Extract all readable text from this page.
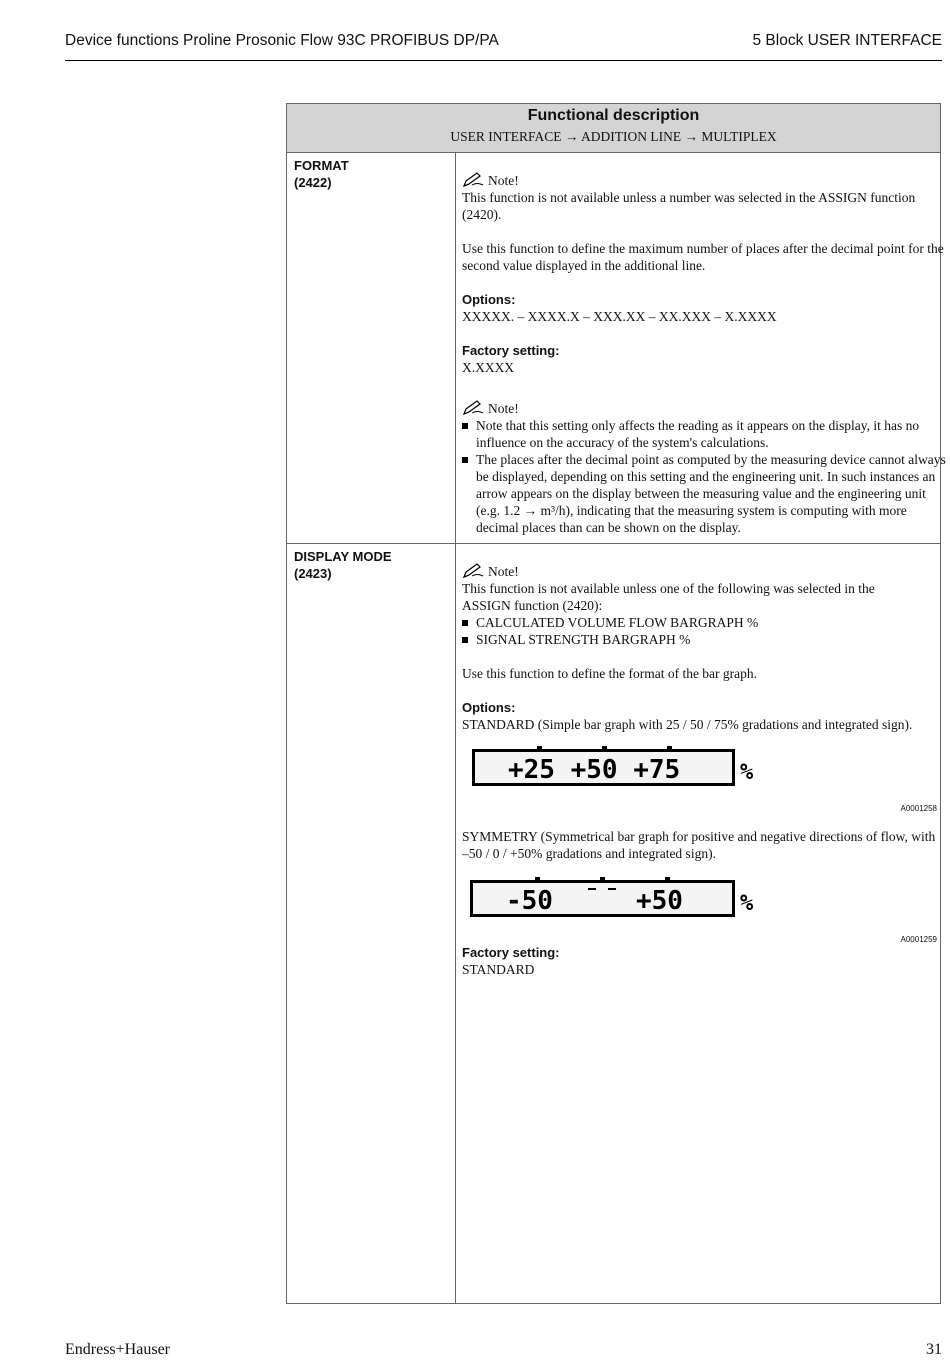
Device functions Proline Prosonic Flow 93C PROFIBUS DP/PA	5 Block USER INTERFACE
Functional description
USER INTERFACE → ADDITION LINE → MULTIPLEX
FORMAT
(2422)	Note!
This function is not available unless a number was selected in the ASSIGN function
(2420).
Use this function to define the maximum number of places after the decimal point for the
second value displayed in the additional line.
Options:
XXXXX. – XXXX.X – XXX.XX – XX.XXX – X.XXXX
Factory setting:
X.XXXX
Note!
Note that this setting only affects the reading as it appears on the display, it has no
influence on the accuracy of the system's calculations.
The places after the decimal point as computed by the measuring device cannot always
be displayed, depending on this setting and the engineering unit. In such instances an
arrow appears on the display between the measuring value and the engineering unit
(e.g. 1.2 → m³/h), indicating that the measuring system is computing with more
decimal places than can be shown on the display.
DISPLAY MODE
(2423)	Note!
This function is not available unless one of the following was selected in the
ASSIGN function (2420):
CALCULATED VOLUME FLOW BARGRAPH %
SIGNAL STRENGTH BARGRAPH %
Use this function to define the format of the bar graph.
Options:
STANDARD (Simple bar graph with 25 / 50 / 75% gradations and integrated sign).
+25 +50 +75	%
A0001258
SYMMETRY (Symmetrical bar graph for positive and negative directions of flow, with
–50 / 0 / +50% gradations and integrated sign).
-50	+50	%
A0001259
Factory setting:
STANDARD
Endress+Hauser	31
